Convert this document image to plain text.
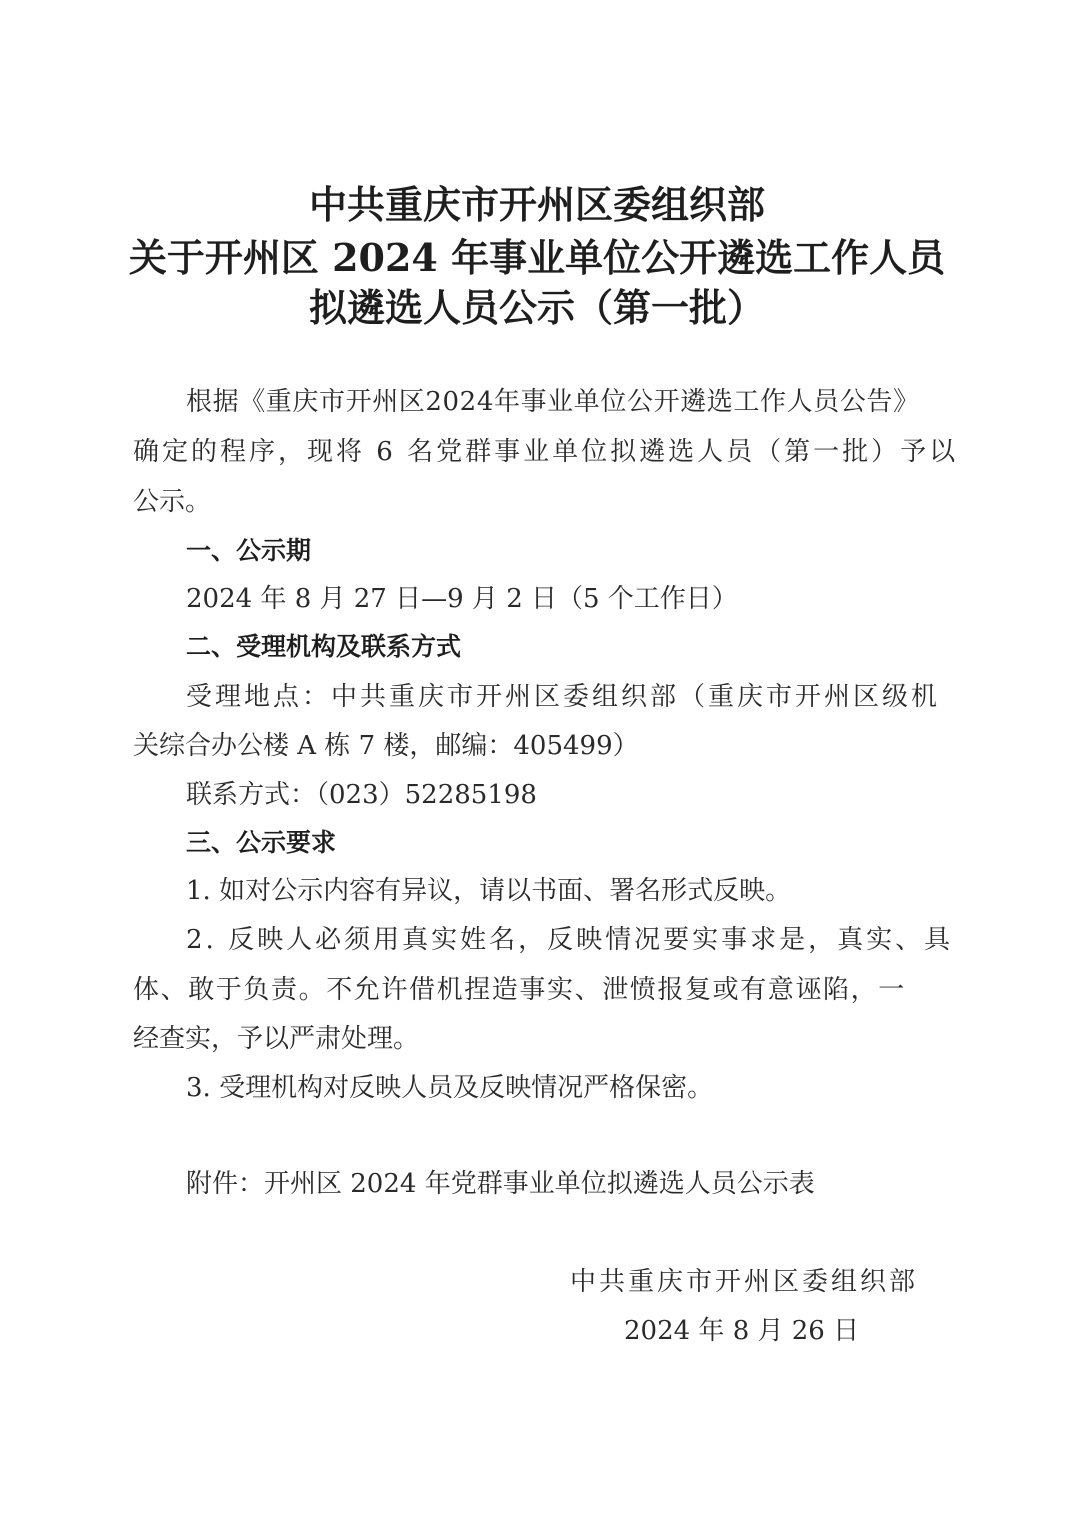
中共重庆市开州区委组织部
关于开州区 2024 年事业单位公开遴选工作人员
拟遴选人员公示（第一批）
根据《重庆市开州区2024年事业单位公开遴选工作人员公告》
确定的程序，现将 6 名党群事业单位拟遴选人员（第一批）予以
公示。
一、公示期
2024 年 8 月 27 日—9 月 2 日（5 个工作日）
二、受理机构及联系方式
受理地点：中共重庆市开州区委组织部（重庆市开州区级机
关综合办公楼 A 栋 7 楼，邮编：405499）
联系方式：（023）52285198
三、公示要求
1. 如对公示内容有异议，请以书面、署名形式反映。
2. 反映人必须用真实姓名，反映情况要实事求是，真实、具
体、敢于负责。不允许借机捏造事实、泄愤报复或有意诬陷，一
经查实，予以严肃处理。
3. 受理机构对反映人员及反映情况严格保密。
附件：开州区 2024 年党群事业单位拟遴选人员公示表
中共重庆市开州区委组织部
2024 年 8 月 26 日
